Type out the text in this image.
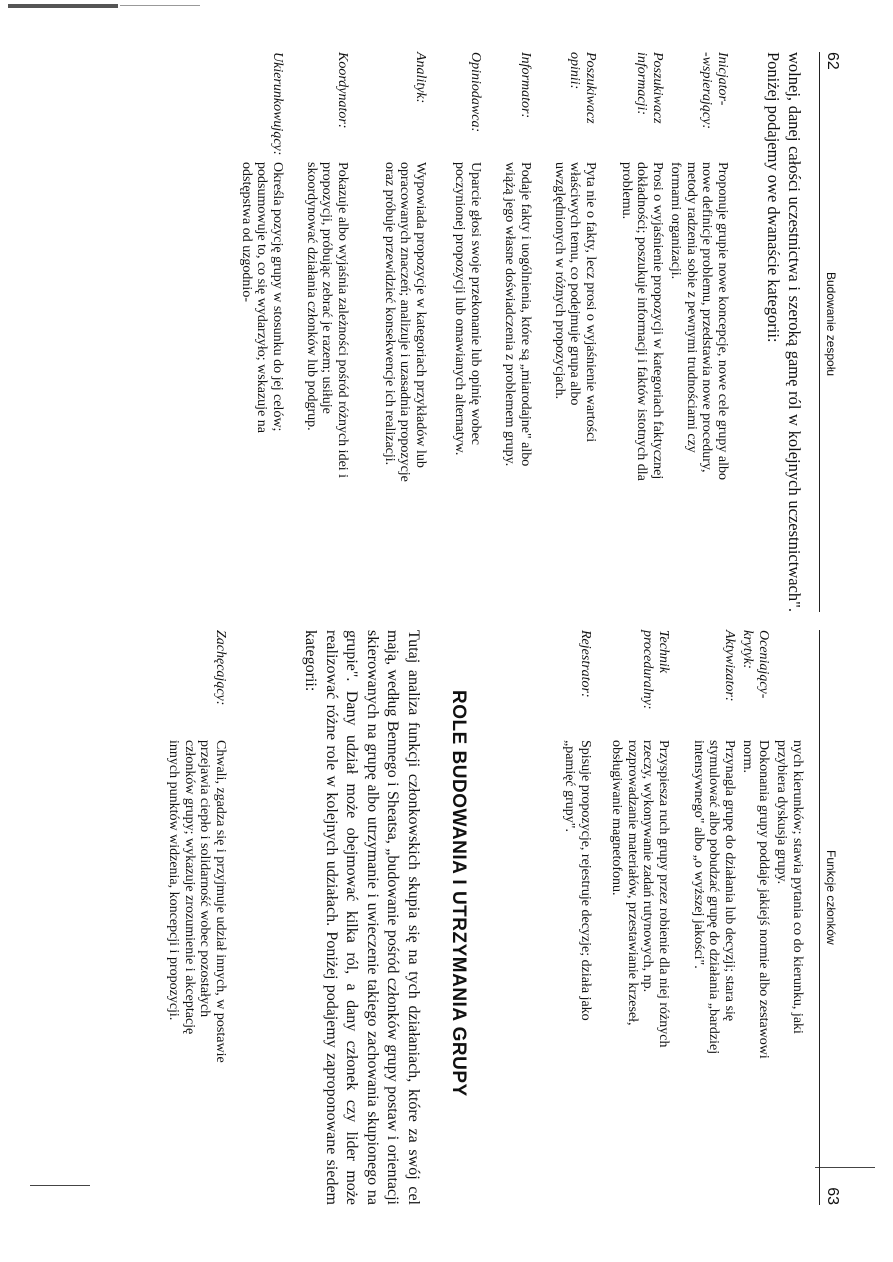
62
Budowanie zespołu

wolnej, danej całości uczestnictwa i szeroką gamę ról w kolejnych uczestnictwach". Poniżej podajemy owe dwanaście kategorii:

Inicjator-
-wspierający:
Proponuje grupie nowe koncepcje, nowe cele grupy albo nowe definicje problemu, przedstawia nowe procedury, metody radzenia sobie z pewnymi trudnościami czy formami organizacji.
Poszukiwacz informacji:
Prosi o wyjaśnienie propozycji w kategoriach faktycznej dokładności; poszukuje informacji i faktów istotnych dla problemu.
Poszukiwacz opinii:
Pyta nie o fakty, lecz prosi o wyjaśnienie wartości właściwych temu, co podejmuje grupa albo uwzględnionych w różnych propozycjach.
Informator:
Podaje fakty i uogólnienia, które są „miarodajne" albo wiążą jego własne doświadczenia z problemem grupy.
Opiniodawca:
Uparcie głosi swoje przekonanie lub opinię wobec poczynionej propozycji lub omawianych alternatyw.
Analityk:
Wypowiada propozycje w kategoriach przykładów lub opracowanych znaczeń; analizuje i uzasadnia propozycje oraz próbuje przewidzieć konsekwencje ich realizacji.
Koordynator:
Pokazuje albo wyjaśnia zależności pośród różnych idei i propozycji, próbując zebrać je razem; usiłuje skoordynować działania członków lub podgrup.
Ukierunkowujący:
Określa pozycję grupy w stosunku do jej celów; podsumowuje to, co się wydarzyło; wskazuje na odstępstwa od uzgodnio-
Funkcje członków
63
nych kierunków; stawia pytania co do kierunku, jaki przybiera dyskusja grupy.
Oceniający-krytyk:
Dokonania grupy poddaje jakiejś normie albo zestawowi norm.
Aktywizator:
Przynagla grupę do działania lub decyzji; stara się stymulować albo pobudzać grupę do działania „bardziej intensywnego" albo „o wyższej jakości".
Technik proceduralny:
Przyspiesza ruch grupy przez robienie dla niej różnych rzeczy, wykonywanie zadań rutynowych, np. rozprowadzanie materiałów, przestawianie krzeseł, obsługiwanie magnetofonu.
Rejestrator:
Spisuje propozycje, rejestruje decyzje; działa jako „pamięć grupy".
ROLE BUDOWANIA I UTRZYMANIA GRUPY

Tutaj analiza funkcji członkowskich skupia się na tych działaniach, które za swój cel mają, według Bennego i Sheatsa, „budowanie pośród członków grupy postaw i orientacji skierowanych na grupę albo utrzymanie i uwieczenie takiego zachowania skupionego na grupie". Dany udział może obejmować kilka ról, a dany członek czy lider może realizować różne role w kolejnych udziałach. Poniżej podajemy zaproponowane siedem kategorii:

Zachęcający:
Chwali, zgadza się i przyjmuje udział innych, w postawie przejawia ciepło i solidarność wobec pozostałych członków grupy; wykazuje zrozumienie i akceptację innych punktów widzenia, koncepcji i propozycji.
